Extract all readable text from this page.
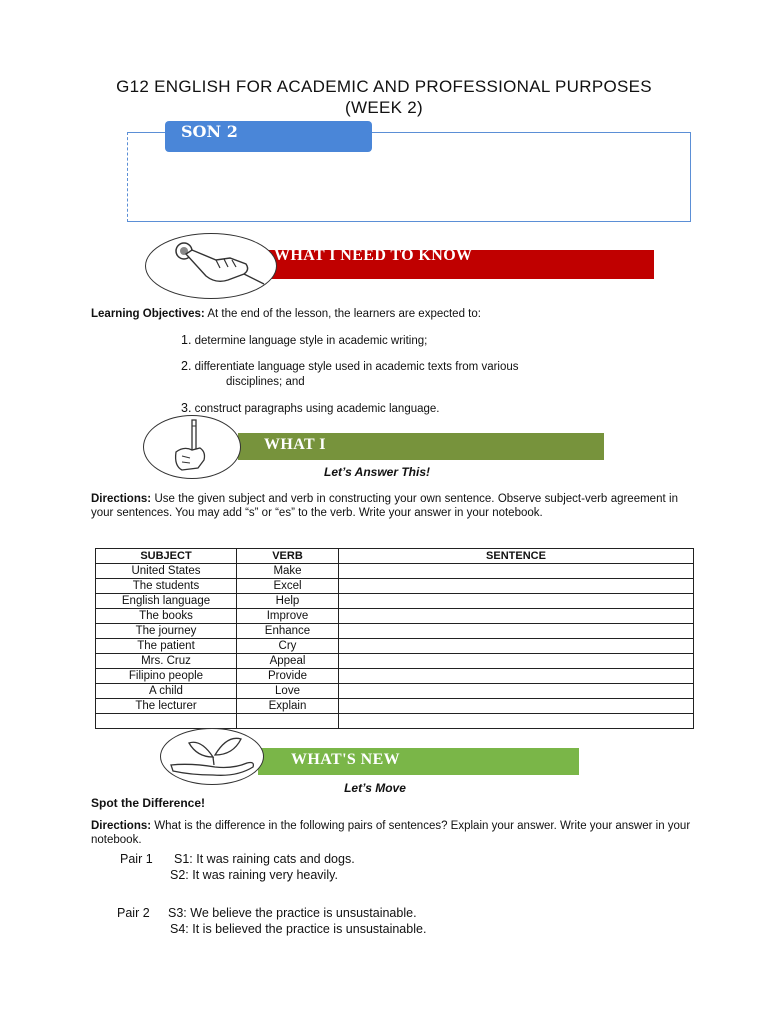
G12 ENGLISH FOR ACADEMIC AND PROFESSIONAL PURPOSES
(WEEK 2)
SON 2
WHAT I NEED TO KNOW
Learning Objectives: At the end of the lesson, the learners are expected to:
1. determine language style in academic writing;
2. differentiate language style used in academic texts from various
disciplines; and
3. construct paragraphs using academic language.
WHAT I
Let’s Answer This!
Directions: Use the given subject and verb in constructing your own sentence. Observe subject-verb agreement in your sentences. You may add “s” or “es” to the verb. Write your answer in your notebook.
SUBJECT	VERB	SENTENCE
United States	Make	
The students	Excel	
English language	Help	
The books	Improve	
The journey	Enhance	
The patient	Cry	
Mrs. Cruz	Appeal	
Filipino people	Provide	
A child	Love	
The lecturer	Explain	

WHAT'S NEW
Let’s Move
Spot the Difference!
Directions: What is the difference in the following pairs of sentences? Explain your answer. Write your answer in your notebook.
Pair 1 S1: It was raining cats and dogs.
S2: It was raining very heavily.
Pair 2 S3: We believe the practice is unsustainable.
S4: It is believed the practice is unsustainable.
